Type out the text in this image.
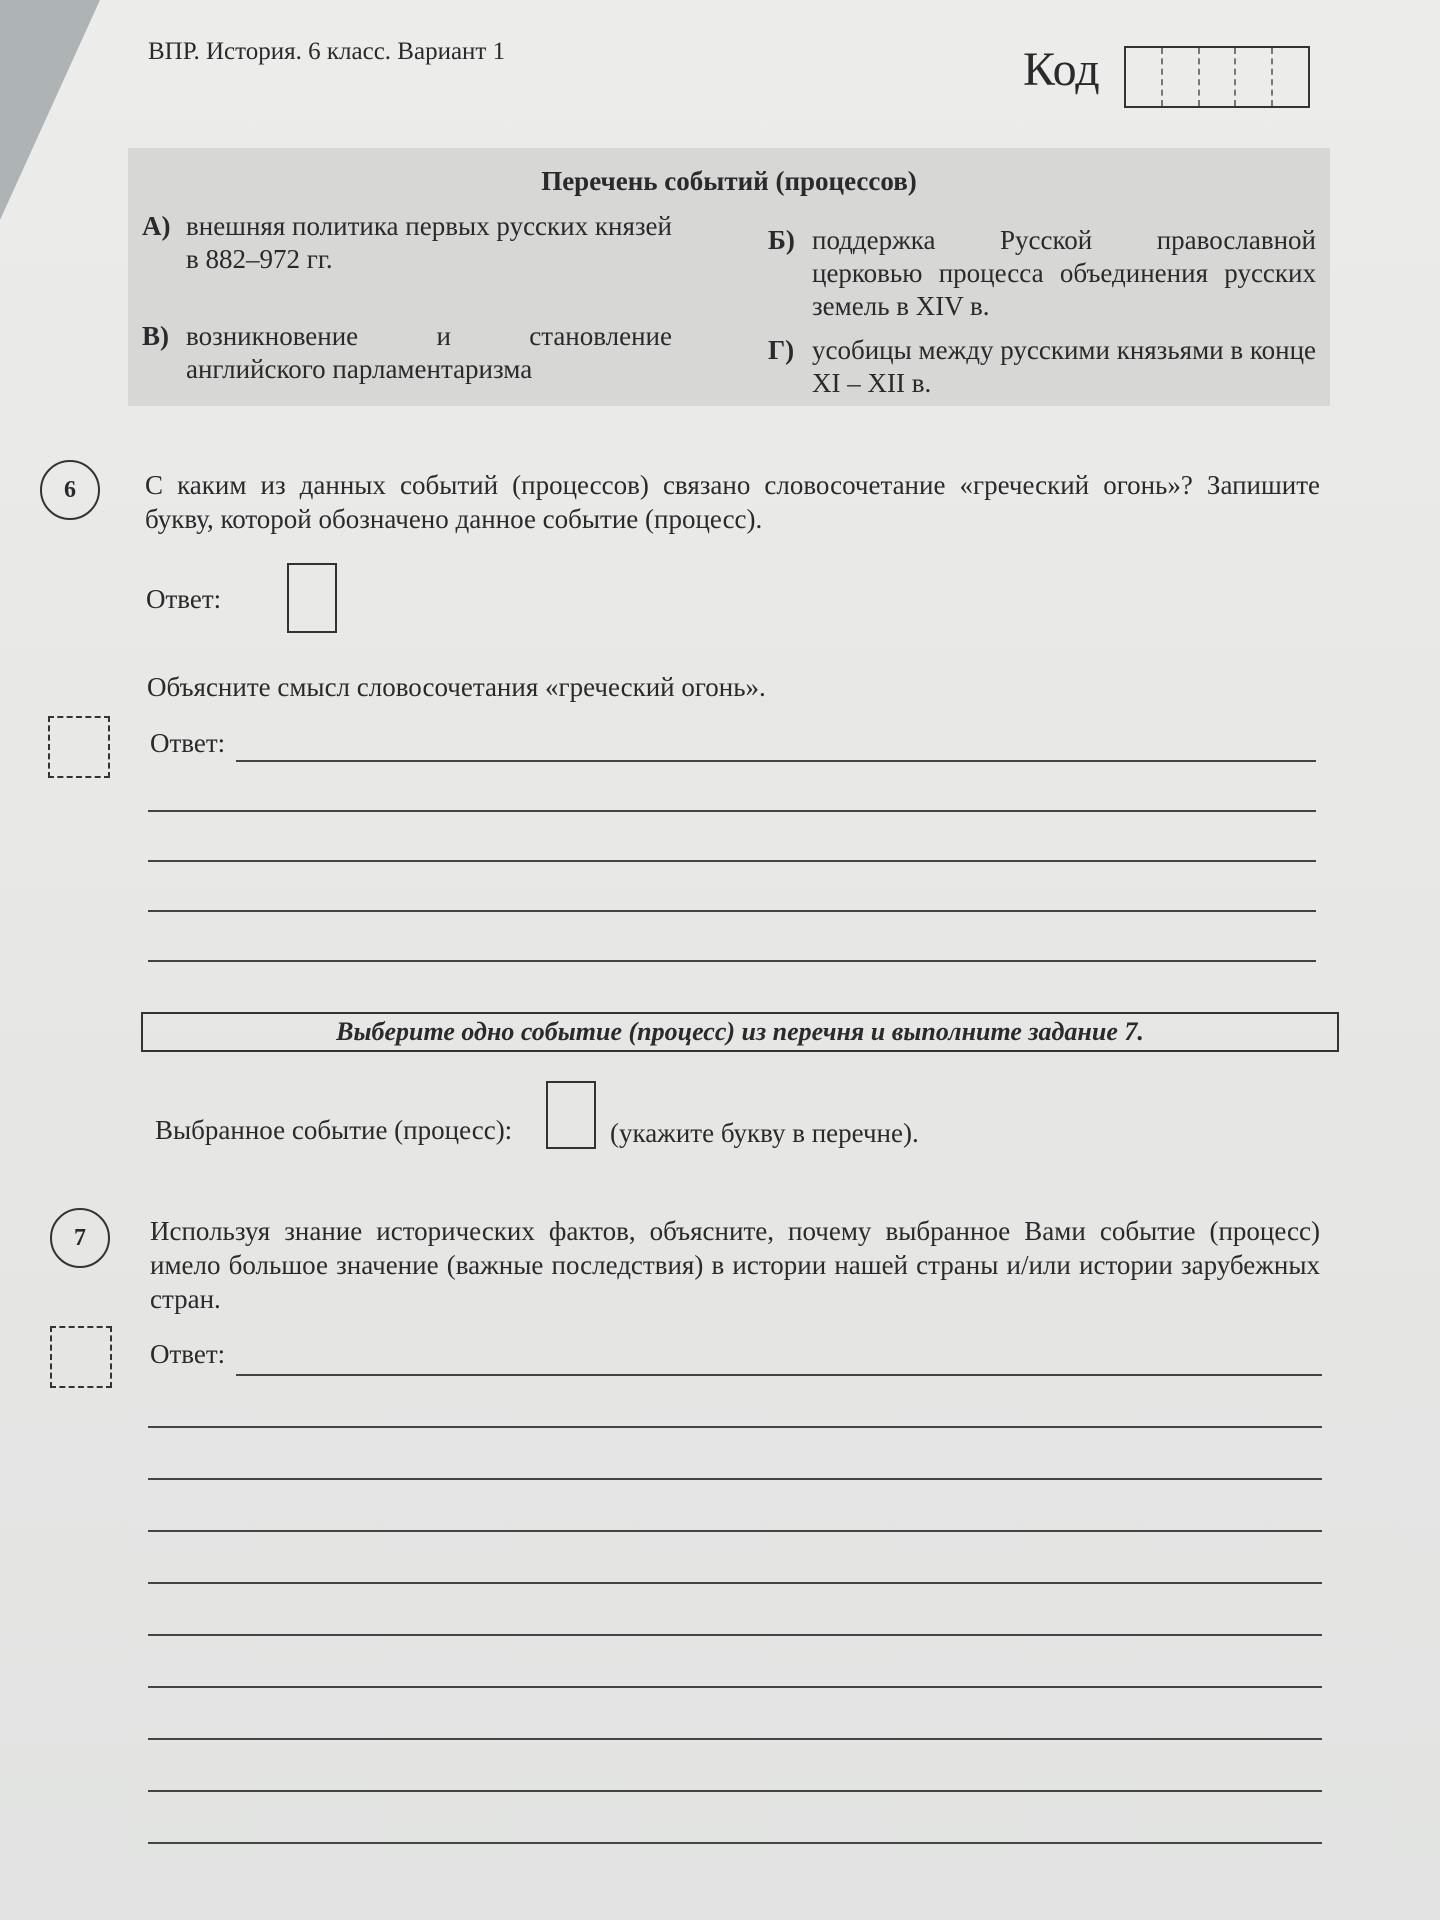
ВПР. История. 6 класс. Вариант 1	Код
Перечень событий (процессов)
А) внешняя политика первых русских князей в 882–972 гг.
Б) поддержка Русской православной церковью процесса объединения русских земель в XIV в.
В) возникновение и становление английского парламентаризма
Г) усобицы между русскими князьями в конце XI – XII в.
6	С каким из данных событий (процессов) связано словосочетание «греческий огонь»? Запишите букву, которой обозначено данное событие (процесс).
Ответ:
Объясните смысл словосочетания «греческий огонь».
Ответ:
Выберите одно событие (процесс) из перечня и выполните задание 7.
Выбранное событие (процесс):	(укажите букву в перечне).
7	Используя знание исторических фактов, объясните, почему выбранное Вами событие (процесс) имело большое значение (важные последствия) в истории нашей страны и/или истории зарубежных стран.
Ответ:
